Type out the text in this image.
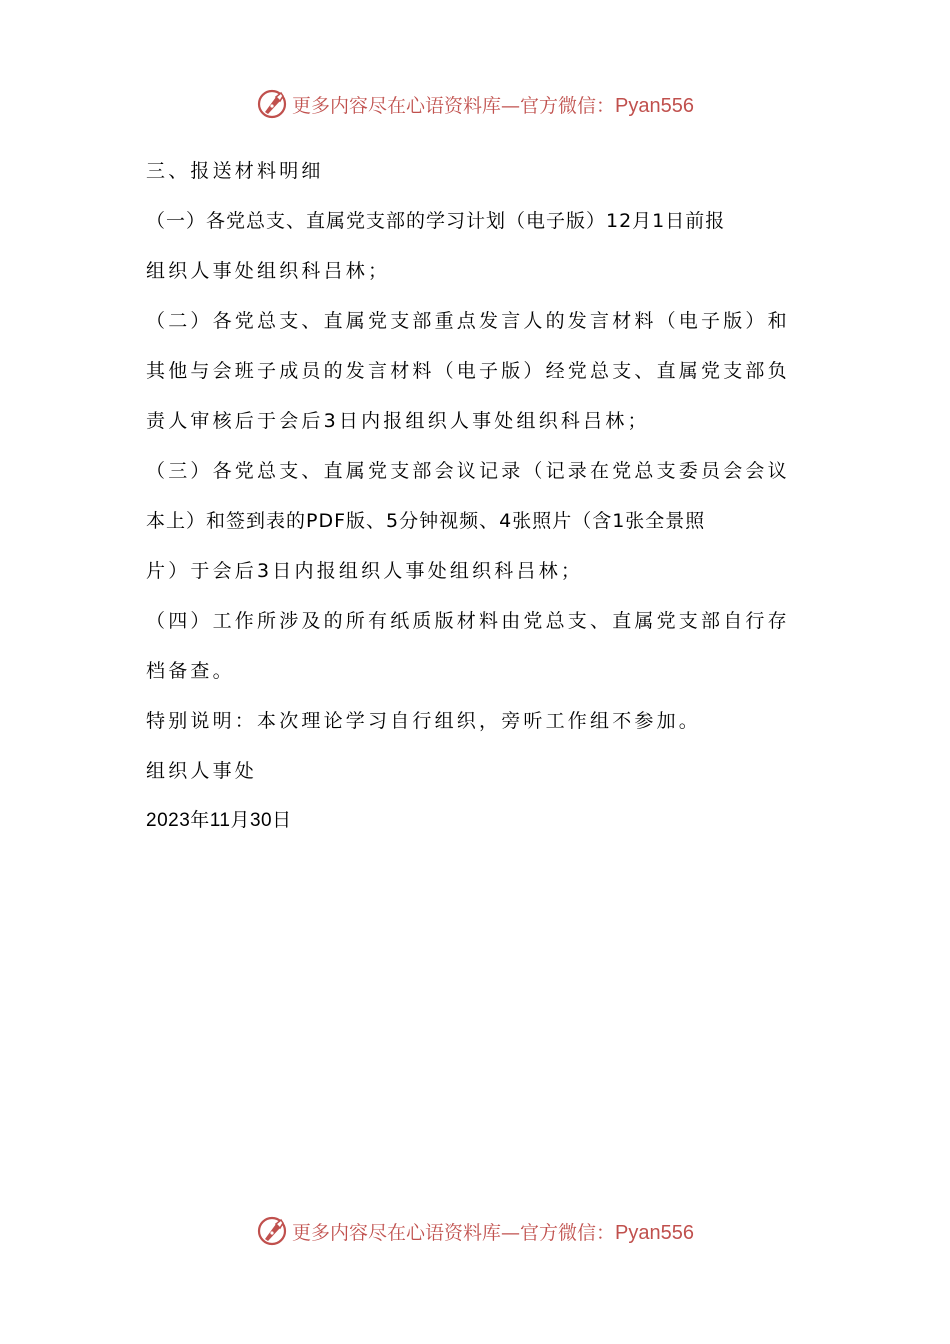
更多内容尽在心语资料库—官方微信：Pyan556
三、报送材料明细
（一）各党总支、直属党支部的学习计划（电子版）12月1日前报
组织人事处组织科吕林；
（二）各党总支、直属党支部重点发言人的发言材料（电子版）和
其他与会班子成员的发言材料（电子版）经党总支、直属党支部负
责人审核后于会后3日内报组织人事处组织科吕林；
（三）各党总支、直属党支部会议记录（记录在党总支委员会会议
本上）和签到表的PDF版、5分钟视频、4张照片（含1张全景照
片）于会后3日内报组织人事处组织科吕林；
（四）工作所涉及的所有纸质版材料由党总支、直属党支部自行存
档备查。
特别说明：本次理论学习自行组织，旁听工作组不参加。
组织人事处
2023年11月30日
更多内容尽在心语资料库—官方微信：Pyan556
